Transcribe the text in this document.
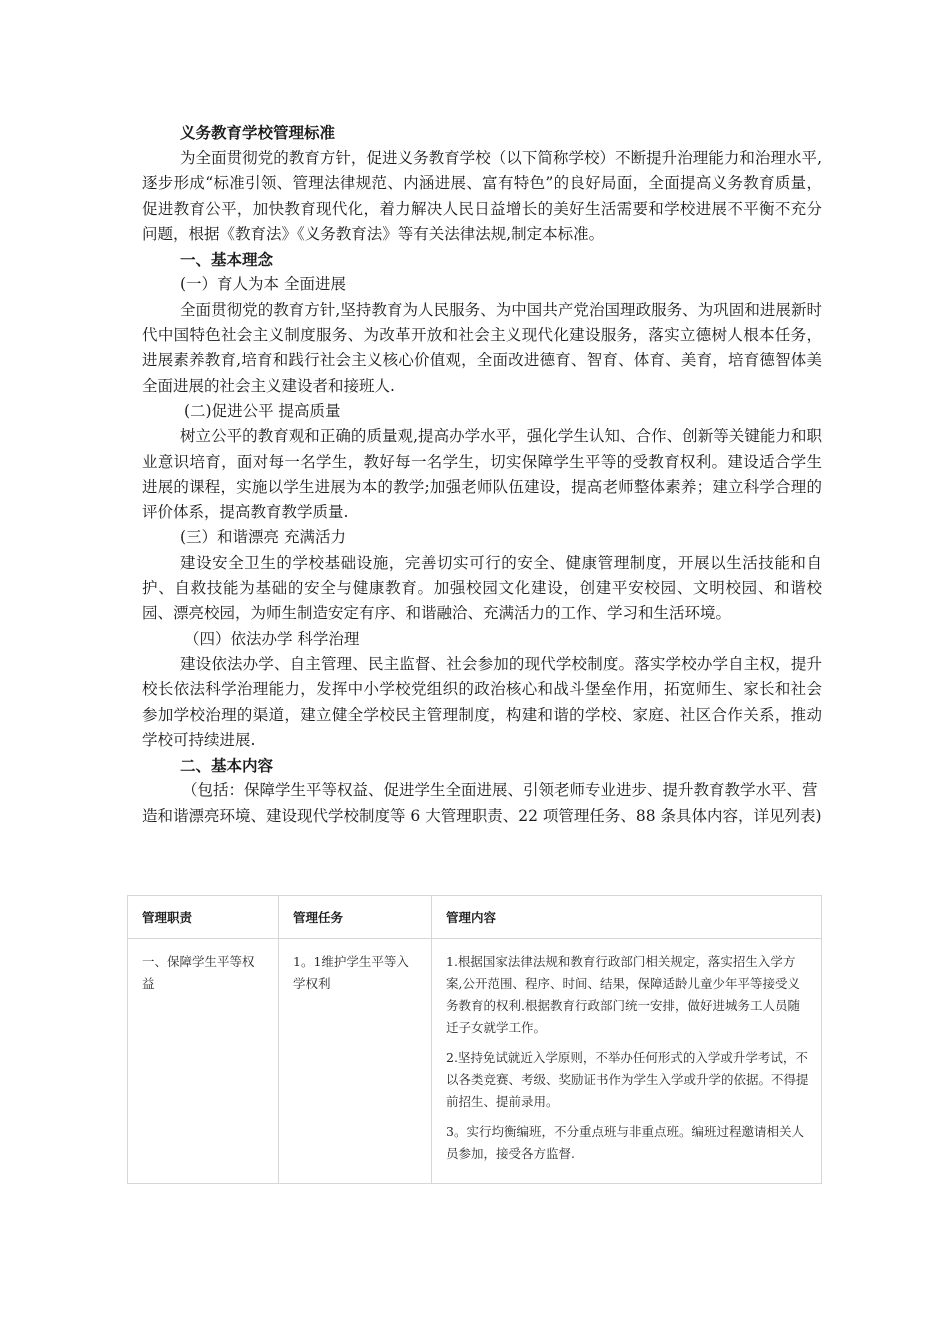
义务教育学校管理标准

为全面贯彻党的教育方针，促进义务教育学校（以下简称学校）不断提升治理能力和治理水平,逐步形成“标准引领、管理法律规范、内涵进展、富有特色”的良好局面，全面提高义务教育质量，促进教育公平，加快教育现代化，着力解决人民日益增长的美好生活需要和学校进展不平衡不充分问题，根据《教育法》《义务教育法》等有关法律法规,制定本标准。

一、基本理念

(一）育人为本 全面进展

全面贯彻党的教育方针,坚持教育为人民服务、为中国共产党治国理政服务、为巩固和进展新时代中国特色社会主义制度服务、为改革开放和社会主义现代化建设服务，落实立德树人根本任务，进展素养教育,培育和践行社会主义核心价值观，全面改进德育、智育、体育、美育，培育德智体美全面进展的社会主义建设者和接班人.

(二)促进公平 提高质量

树立公平的教育观和正确的质量观,提高办学水平，强化学生认知、合作、创新等关键能力和职业意识培育，面对每一名学生，教好每一名学生，切实保障学生平等的受教育权利。建设适合学生进展的课程，实施以学生进展为本的教学;加强老师队伍建设，提高老师整体素养；建立科学合理的评价体系，提高教育教学质量.

(三）和谐漂亮 充满活力

建设安全卫生的学校基础设施，完善切实可行的安全、健康管理制度，开展以生活技能和自护、自救技能为基础的安全与健康教育。加强校园文化建设，创建平安校园、文明校园、和谐校园、漂亮校园，为师生制造安定有序、和谐融洽、充满活力的工作、学习和生活环境。

（四）依法办学 科学治理

建设依法办学、自主管理、民主监督、社会参加的现代学校制度。落实学校办学自主权，提升校长依法科学治理能力，发挥中小学校党组织的政治核心和战斗堡垒作用，拓宽师生、家长和社会参加学校治理的渠道，建立健全学校民主管理制度，构建和谐的学校、家庭、社区合作关系，推动学校可持续进展.

二、基本内容

（包括：保障学生平等权益、促进学生全面进展、引领老师专业进步、提升教育教学水平、营造和谐漂亮环境、建设现代学校制度等 6 大管理职责、22 项管理任务、88 条具体内容，详见列表)

管理职责	管理任务	管理内容
一、保障学生平等权益	1。1维护学生平等入学权利	1.根据国家法律法规和教育行政部门相关规定，落实招生入学方案,公开范围、程序、时间、结果，保障适龄儿童少年平等接受义务教育的权利.根据教育行政部门统一安排，做好进城务工人员随迁子女就学工作。

2.坚持免试就近入学原则，不举办任何形式的入学或升学考试，不以各类竞赛、考级、奖励证书作为学生入学或升学的依据。不得提前招生、提前录用。

3。实行均衡编班，不分重点班与非重点班。编班过程邀请相关人员参加，接受各方监督.
